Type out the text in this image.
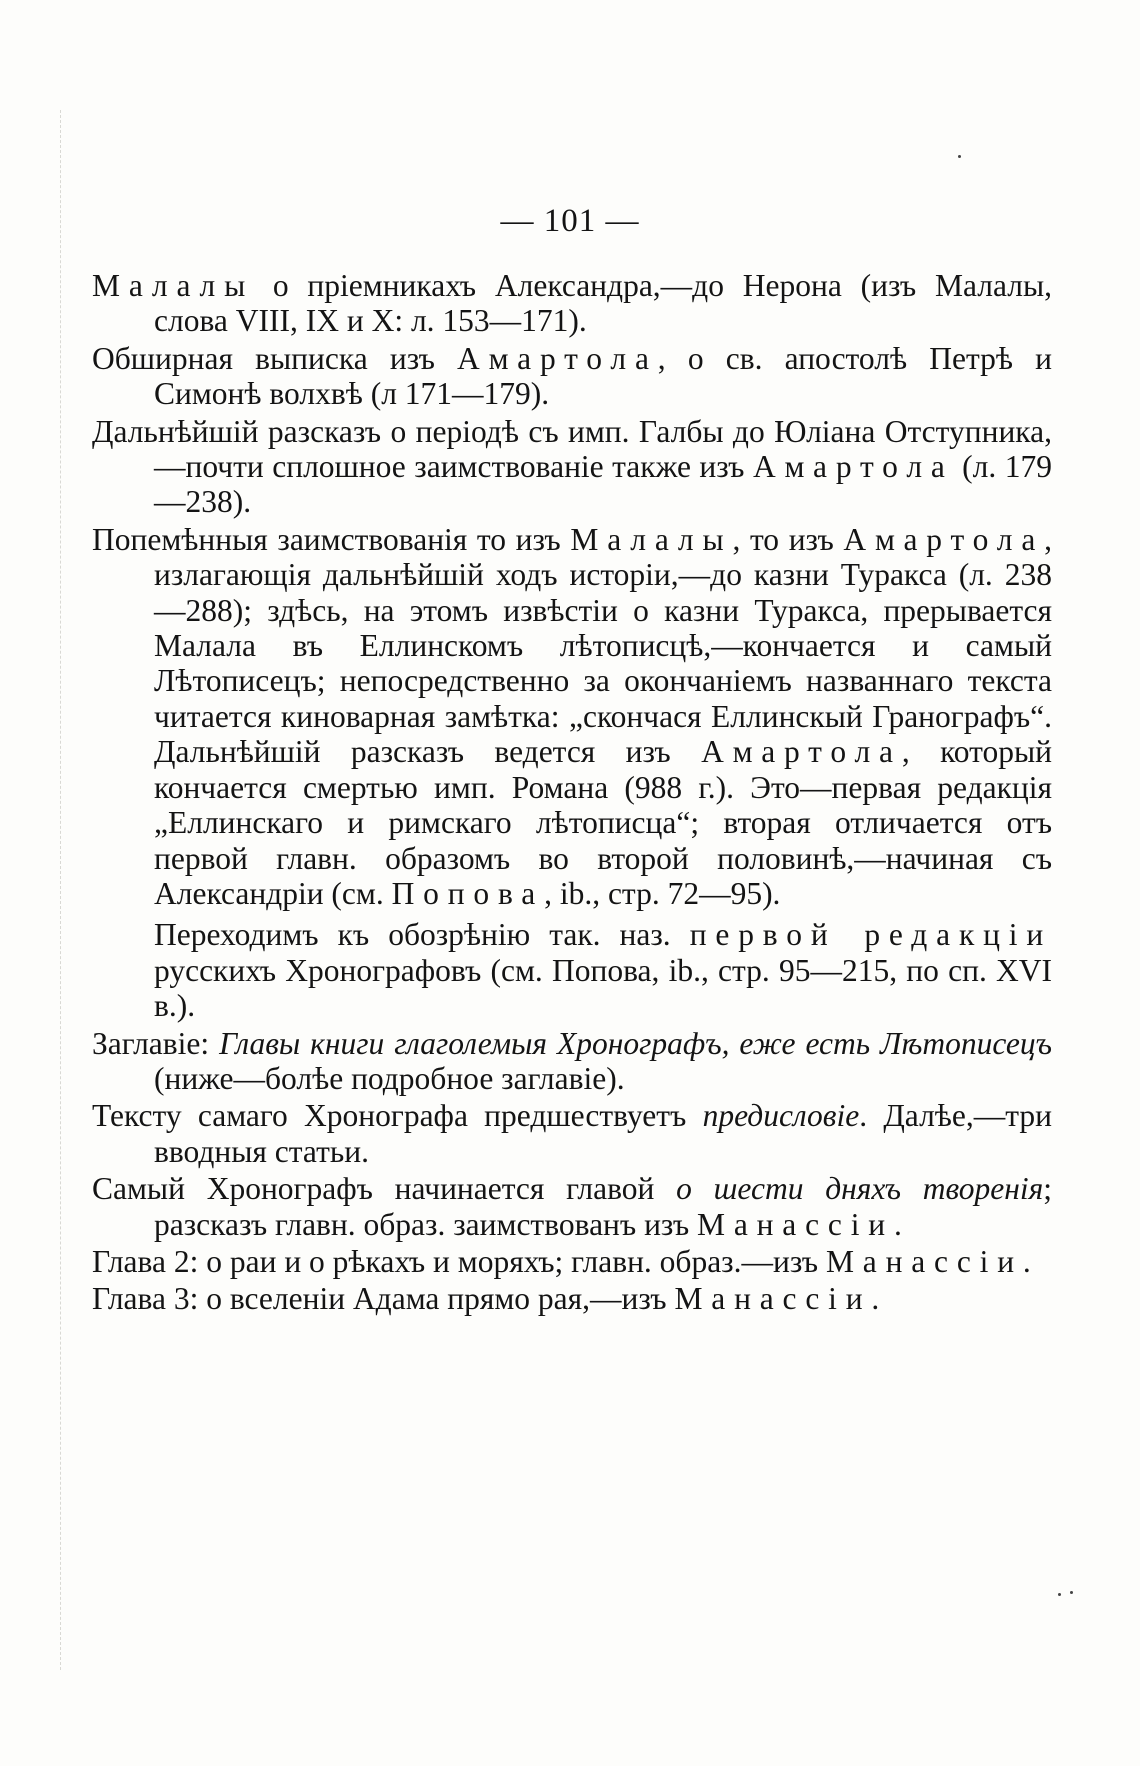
— 101 —

Малалы о пріемникахъ Александра,—до Нерона (изъ Малалы, слова VIII, IX и X: л. 153—171).

Обширная выписка изъ Амартола, о св. апостолѣ Петрѣ и Симонѣ волхвѣ (л 171—179).

Дальнѣйшій разсказъ о періодѣ съ имп. Галбы до Юліана Отступника,—почти сплошное заимствованіе также изъ Амартола (л. 179—238).

Попемѣнныя заимствованія то изъ Малалы, то изъ Амартола, излагающія дальнѣйшій ходъ исторіи,—до казни Туракса (л. 238—288); здѣсь, на этомъ извѣстіи о казни Туракса, прерывается Малала въ Еллинскомъ лѣтописцѣ,—кончается и самый Лѣтописецъ; непосредственно за окончаніемъ названнаго текста читается киноварная замѣтка: „скончася Еллинскый Гранографъ“. Дальнѣйшій разсказъ ведется изъ Амартола, который кончается смертью имп. Романа (988 г.). Это—первая редакція „Еллинскаго и римскаго лѣтописца“; вторая отличается отъ первой главн. образомъ во второй половинѣ,—начиная съ Александріи (см. Попова, ib., стр. 72—95).

Переходимъ къ обозрѣнію так. наз. первой редакціи русскихъ Хронографовъ (см. Попова, ib., стр. 95—215, по сп. XVI в.).

Заглавіе: Главы книги глаголемыя Хронографъ, еже есть Лѣтописецъ (ниже—болѣе подробное заглавіе).

Тексту самаго Хронографа предшествуетъ предисловіе. Далѣе,—три вводныя статьи.

Самый Хронографъ начинается главой о шести дняхъ творенія; разсказъ главн. образ. заимствованъ изъ Манассіи.

Глава 2: о раи и о рѣкахъ и моряхъ; главн. образ.—изъ Манассіи.

Глава 3: о вселеніи Адама прямо рая,—изъ Манассіи.
